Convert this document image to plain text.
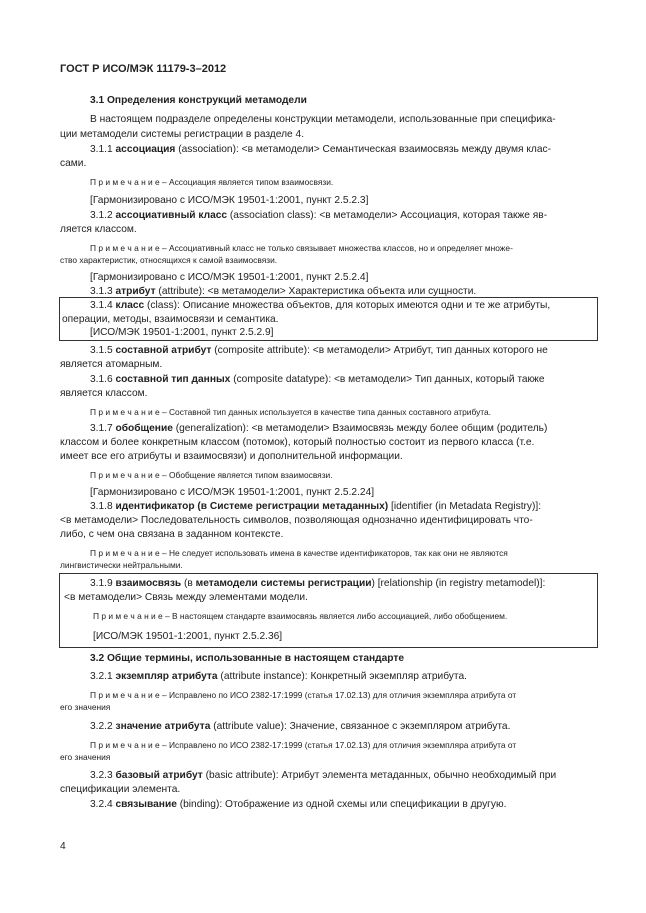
ГОСТ Р ИСО/МЭК 11179-3–2012
3.1 Определения конструкций метамодели
В настоящем подразделе определены конструкции метамодели, использованные при специфика-
ции метамодели системы регистрации в разделе 4.
3.1.1 ассоциация (association): <в метамодели> Семантическая взаимосвязь между двумя клас-
сами.
П р и м е ч а н и е – Ассоциация является типом взаимосвязи.
[Гармонизировано с ИСО/МЭК 19501-1:2001, пункт 2.5.2.3]
3.1.2 ассоциативный класс (association class): <в метамодели> Ассоциация, которая также яв-
ляется классом.
П р и м е ч а н и е – Ассоциативный класс не только связывает множества классов, но и определяет множе-
ство характеристик, относящихся к самой взаимосвязи.
[Гармонизировано с ИСО/МЭК 19501-1:2001, пункт 2.5.2.4]
3.1.3 атрибут (attribute): <в метамодели> Характеристика объекта или сущности.
3.1.4 класс (class): Описание множества объектов, для которых имеются одни и те же атрибуты,
операции, методы, взаимосвязи и семантика.
[ИСО/МЭК 19501-1:2001, пункт 2.5.2.9]
3.1.5 составной атрибут (composite attribute): <в метамодели> Атрибут, тип данных которого не
является атомарным.
3.1.6 составной тип данных (composite datatype): <в метамодели> Тип данных, который также
является классом.
П р и м е ч а н и е – Составной тип данных используется в качестве типа данных составного атрибута.
3.1.7 обобщение (generalization): <в метамодели> Взаимосвязь между более общим (родитель)
классом и более конкретным классом (потомок), который полностью состоит из первого класса (т.е.
имеет все его атрибуты и взаимосвязи) и дополнительной информации.
П р и м е ч а н и е – Обобщение является типом взаимосвязи.
[Гармонизировано с ИСО/МЭК 19501-1:2001, пункт 2.5.2.24]
3.1.8 идентификатор (в Системе регистрации метаданных) [identifier (in Metadata Registry)]:
<в метамодели> Последовательность символов, позволяющая однозначно идентифицировать что-
либо, с чем она связана в заданном контексте.
П р и м е ч а н и е – Не следует использовать имена в качестве идентификаторов, так как они не являются
лингвистически нейтральными.
3.1.9 взаимосвязь (в метамодели системы регистрации) [relationship (in registry metamodel)]:
<в метамодели> Связь между элементами модели.
П р и м е ч а н и е – В настоящем стандарте взаимосвязь является либо ассоциацией, либо обобщением.
[ИСО/МЭК 19501-1:2001, пункт 2.5.2.36]
3.2 Общие термины, использованные в настоящем стандарте
3.2.1 экземпляр атрибута (attribute instance): Конкретный экземпляр атрибута.
П р и м е ч а н и е – Исправлено по ИСО 2382-17:1999 (статья 17.02.13) для отличия экземпляра атрибута от
его значения
3.2.2 значение атрибута (attribute value): Значение, связанное с экземпляром атрибута.
П р и м е ч а н и е – Исправлено по ИСО 2382-17:1999 (статья 17.02.13) для отличия экземпляра атрибута от
его значения
3.2.3 базовый атрибут (basic attribute): Атрибут элемента метаданных, обычно необходимый при
спецификации элемента.
3.2.4 связывание (binding): Отображение из одной схемы или спецификации в другую.
4
